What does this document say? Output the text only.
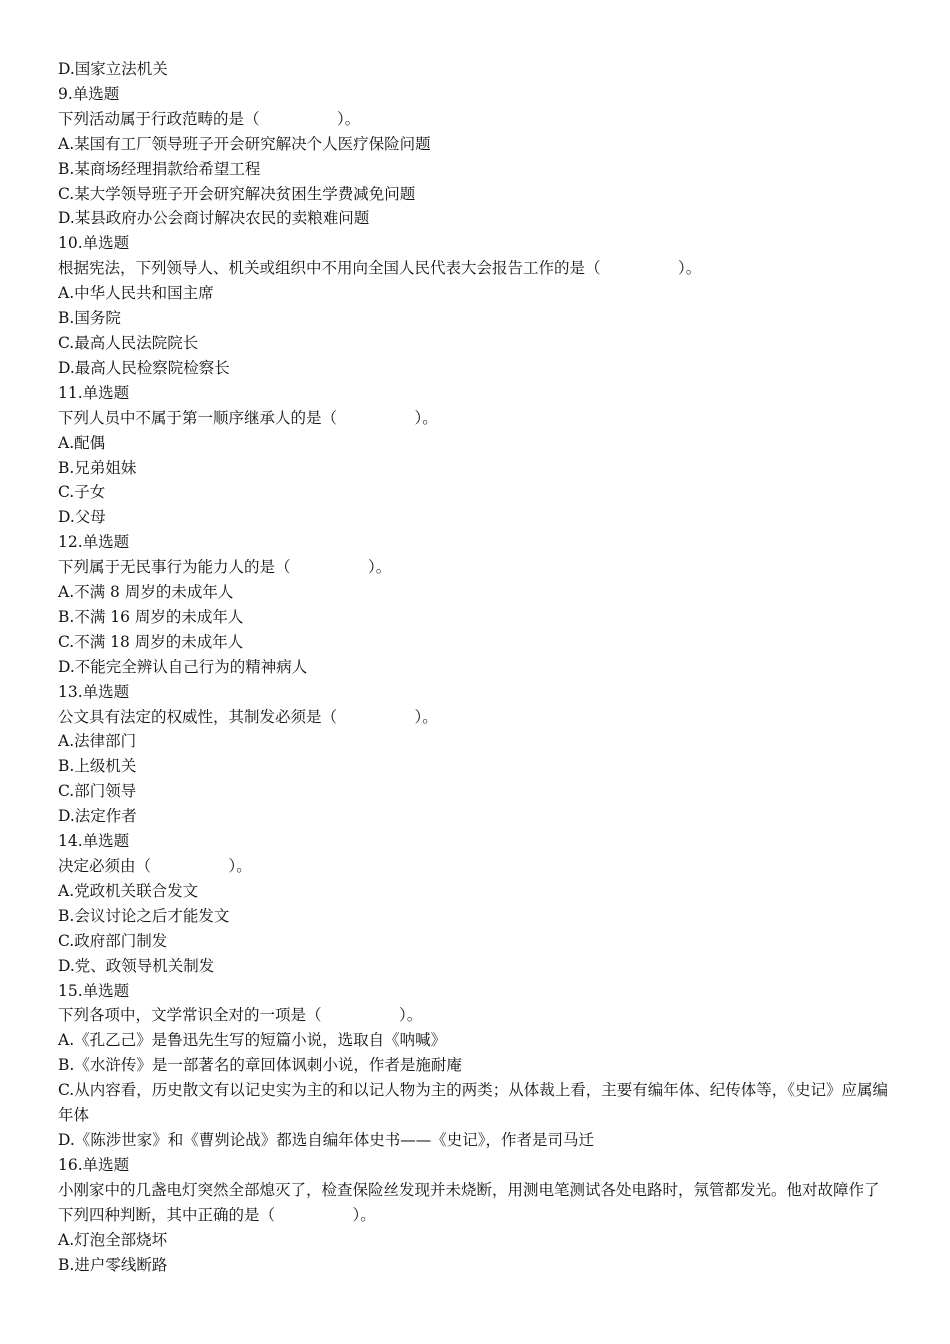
D.国家立法机关
9.单选题
下列活动属于行政范畴的是（　　　　　）。
A.某国有工厂领导班子开会研究解决个人医疗保险问题
B.某商场经理捐款给希望工程
C.某大学领导班子开会研究解决贫困生学费减免问题
D.某县政府办公会商讨解决农民的卖粮难问题
10.单选题
根据宪法，下列领导人、机关或组织中不用向全国人民代表大会报告工作的是（　　　　　）。
A.中华人民共和国主席
B.国务院
C.最高人民法院院长
D.最高人民检察院检察长
11.单选题
下列人员中不属于第一顺序继承人的是（　　　　　）。
A.配偶
B.兄弟姐妹
C.子女
D.父母
12.单选题
下列属于无民事行为能力人的是（　　　　　）。
A.不满 8 周岁的未成年人
B.不满 16 周岁的未成年人
C.不满 18 周岁的未成年人
D.不能完全辨认自己行为的精神病人
13.单选题
公文具有法定的权威性，其制发必须是（　　　　　）。
A.法律部门
B.上级机关
C.部门领导
D.法定作者
14.单选题
决定必须由（　　　　　）。
A.党政机关联合发文
B.会议讨论之后才能发文
C.政府部门制发
D.党、政领导机关制发
15.单选题
下列各项中，文学常识全对的一项是（　　　　　）。
A.《孔乙己》是鲁迅先生写的短篇小说，选取自《呐喊》
B.《水浒传》是一部著名的章回体讽刺小说，作者是施耐庵
C.从内容看，历史散文有以记史实为主的和以记人物为主的两类；从体裁上看，主要有编年体、纪传体等，《史记》应属编年体
D.《陈涉世家》和《曹刿论战》都选自编年体史书——《史记》，作者是司马迁
16.单选题
小刚家中的几盏电灯突然全部熄灭了，检查保险丝发现并未烧断，用测电笔测试各处电路时，氖管都发光。他对故障作了下列四种判断，其中正确的是（　　　　　）。
A.灯泡全部烧坏
B.进户零线断路
